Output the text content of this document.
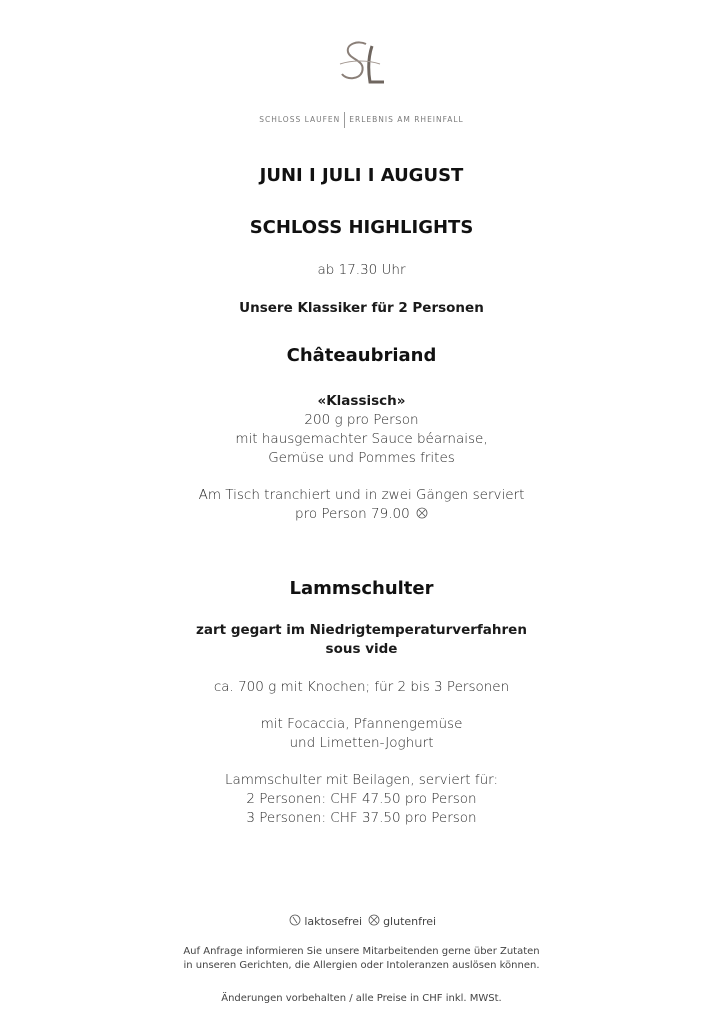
SCHLOSS LAUFEN ERLEBNIS AM RHEINFALL
JUNI I JULI I AUGUST
SCHLOSS HIGHLIGHTS
ab 17.30 Uhr
Unsere Klassiker für 2 Personen
Châteaubriand
«Klassisch»
200 g pro Person
mit hausgemachter Sauce béarnaise,
Gemüse und Pommes frites
Am Tisch tranchiert und in zwei Gängen serviert
pro Person 79.00
Lammschulter
zart gegart im Niedrigtemperaturverfahren
sous vide
ca. 700 g mit Knochen; für 2 bis 3 Personen
mit Focaccia, Pfannengemüse
und Limetten-Joghurt
Lammschulter mit Beilagen, serviert für:
2 Personen: CHF 47.50 pro Person
3 Personen: CHF 37.50 pro Person
laktosefrei glutenfrei
Auf Anfrage informieren Sie unsere Mitarbeitenden gerne über Zutaten
in unseren Gerichten, die Allergien oder Intoleranzen auslösen können.
Änderungen vorbehalten / alle Preise in CHF inkl. MWSt.
